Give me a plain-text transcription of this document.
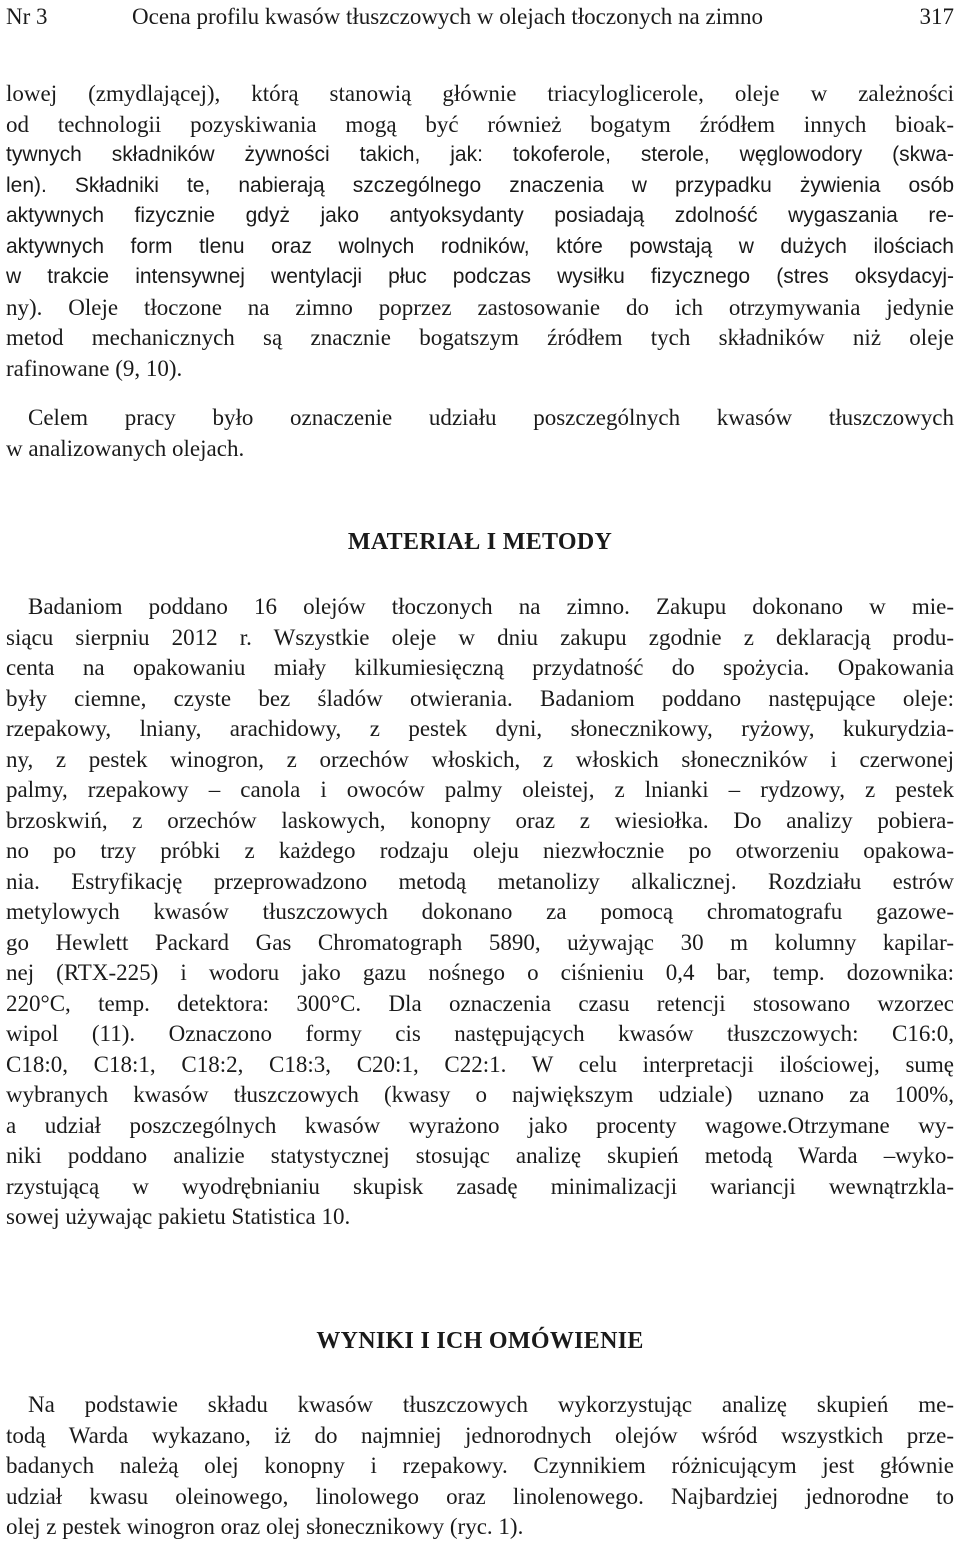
Nr 3	Ocena profilu kwasów tłuszczowych w olejach tłoczonych na zimno	317
lowej (zmydlającej), którą stanowią głównie triacyloglicerole, oleje w zależności
od technologii pozyskiwania mogą być również bogatym źródłem innych bioak-
tywnych składników żywności takich, jak: tokoferole, sterole, węglowodory (skwa-
len). Składniki te, nabierają szczególnego znaczenia w przypadku żywienia osób
aktywnych fizycznie gdyż jako antyoksydanty posiadają zdolność wygaszania re-
aktywnych form tlenu oraz wolnych rodników, które powstają w dużych ilościach
w trakcie intensywnej wentylacji płuc podczas wysiłku fizycznego (stres oksydacyj-
ny). Oleje tłoczone na zimno poprzez zastosowanie do ich otrzymywania jedynie
metod mechanicznych są znacznie bogatszym źródłem tych składników niż oleje
rafinowane (9, 10).
Celem pracy było oznaczenie udziału poszczególnych kwasów tłuszczowych
w analizowanych olejach.
MATERIAŁ I METODY
Badaniom poddano 16 olejów tłoczonych na zimno. Zakupu dokonano w mie-
siącu sierpniu 2012 r. Wszystkie oleje w dniu zakupu zgodnie z deklaracją produ-
centa na opakowaniu miały kilkumiesięczną przydatność do spożycia. Opakowania
były ciemne, czyste bez śladów otwierania. Badaniom poddano następujące oleje:
rzepakowy, lniany, arachidowy, z pestek dyni, słonecznikowy, ryżowy, kukurydzia-
ny, z pestek winogron, z orzechów włoskich, z włoskich słoneczników i czerwonej
palmy, rzepakowy – canola i owoców palmy oleistej, z lnianki – rydzowy, z pestek
brzoskwiń, z orzechów laskowych, konopny oraz z wiesiołka. Do analizy pobiera-
no po trzy próbki z każdego rodzaju oleju niezwłocznie po otworzeniu opakowa-
nia. Estryfikację przeprowadzono metodą metanolizy alkalicznej. Rozdziału estrów
metylowych kwasów tłuszczowych dokonano za pomocą chromatografu gazowe-
go Hewlett Packard Gas Chromatograph 5890, używając 30 m kolumny kapilar-
nej (RTX-225) i wodoru jako gazu nośnego o ciśnieniu 0,4 bar, temp. dozownika:
220°C, temp. detektora: 300°C. Dla oznaczenia czasu retencji stosowano wzorzec
wipol (11). Oznaczono formy cis następujących kwasów tłuszczowych: C16:0,
C18:0, C18:1, C18:2, C18:3, C20:1, C22:1. W celu interpretacji ilościowej, sumę
wybranych kwasów tłuszczowych (kwasy o największym udziale) uznano za 100%,
a udział poszczególnych kwasów wyrażono jako procenty wagowe.Otrzymane wy-
niki poddano analizie statystycznej stosując analizę skupień metodą Warda –wyko-
rzystującą w wyodrębnianiu skupisk zasadę minimalizacji wariancji wewnątrzkla-
sowej używając pakietu Statistica 10.
WYNIKI I ICH OMÓWIENIE
Na podstawie składu kwasów tłuszczowych wykorzystując analizę skupień me-
todą Warda wykazano, iż do najmniej jednorodnych olejów wśród wszystkich prze-
badanych należą olej konopny i rzepakowy. Czynnikiem różnicującym jest głównie
udział kwasu oleinowego, linolowego oraz linolenowego. Najbardziej jednorodne to
olej z pestek winogron oraz olej słonecznikowy (ryc. 1).
